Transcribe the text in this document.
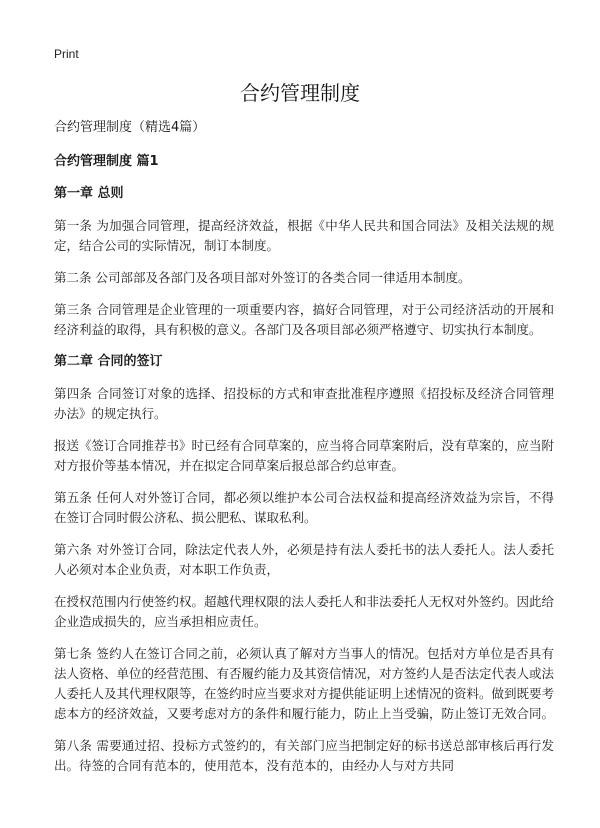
Print
合约管理制度
合约管理制度（精选4篇）
合约管理制度 篇1
第一章 总则
第一条 为加强合同管理，提高经济效益，根据《中华人民共和国合同法》及相关法规的规定，结合公司的实际情况，制订本制度。
第二条 公司部部及各部门及各项目部对外签订的各类合同一律适用本制度。
第三条 合同管理是企业管理的一项重要内容，搞好合同管理，对于公司经济活动的开展和经济利益的取得，具有积极的意义。各部门及各项目部必须严格遵守、切实执行本制度。
第二章 合同的签订
第四条 合同签订对象的选择、招投标的方式和审查批准程序遵照《招投标及经济合同管理办法》的规定执行。
报送《签订合同推荐书》时已经有合同草案的，应当将合同草案附后，没有草案的，应当附对方报价等基本情况，并在拟定合同草案后报总部合约总审查。
第五条 任何人对外签订合同，都必须以维护本公司合法权益和提高经济效益为宗旨，不得在签订合同时假公济私、损公肥私、谋取私利。
第六条 对外签订合同，除法定代表人外，必须是持有法人委托书的法人委托人。法人委托人必须对本企业负责，对本职工作负责，
在授权范围内行使签约权。超越代理权限的法人委托人和非法委托人无权对外签约。因此给企业造成损失的，应当承担相应责任。
第七条 签约人在签订合同之前，必须认真了解对方当事人的情况。包括对方单位是否具有法人资格、单位的经营范围、有否履约能力及其资信情况，对方签约人是否法定代表人或法人委托人及其代理权限等，在签约时应当要求对方提供能证明上述情况的资料。做到既要考虑本方的经济效益，又要考虑对方的条件和履行能力，防止上当受骗，防止签订无效合同。
第八条 需要通过招、投标方式签约的，有关部门应当把制定好的标书送总部审核后再行发出。待签的合同有范本的，使用范本，没有范本的，由经办人与对方共同
